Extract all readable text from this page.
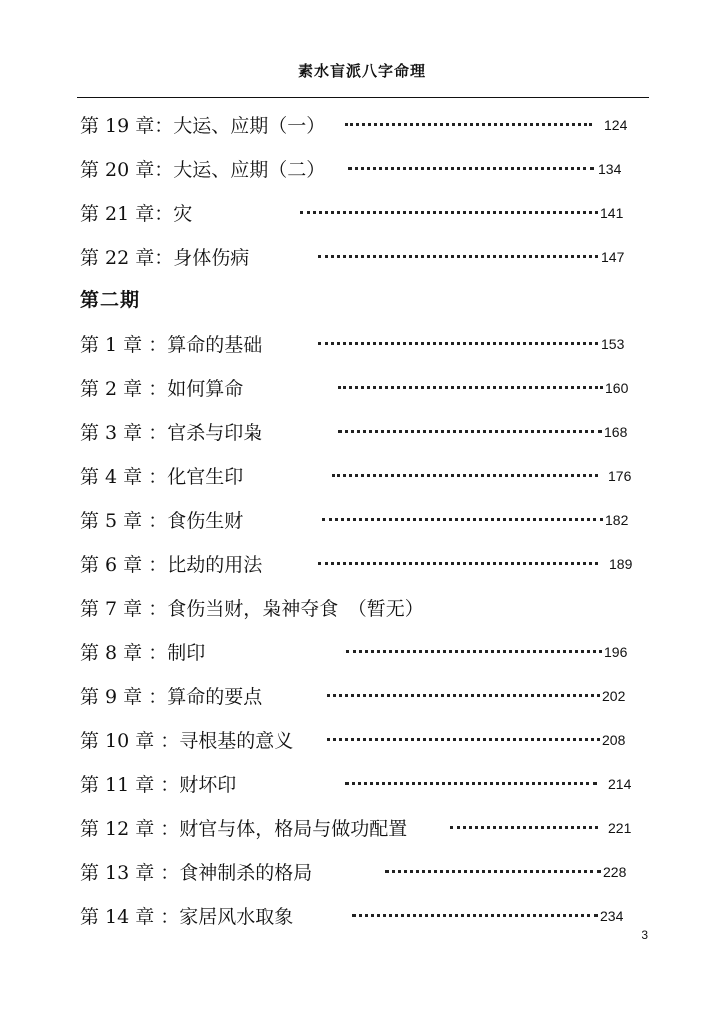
素水盲派八字命理
第二期
第 19 章：大运、应期（一）	124
第 20 章：大运、应期（二）	134
第 21 章：灾	141
第 22 章：身体伤病	147
第 1 章 ：算命的基础	153
第 2 章 ：如何算命	160
第 3 章 ：官杀与印枭	168
第 4 章 ：化官生印	176
第 5 章 ：食伤生财	182
第 6 章 ：比劫的用法	189
第 7 章 ：食伤当财，枭神夺食　（暂无）
第 8 章 ：制印	196
第 9 章 ：算命的要点	202
第 10 章 ：寻根基的意义	208
第 11 章 ：财坏印	214
第 12 章 ：财官与体，格局与做功配置	221
第 13 章 ：食神制杀的格局	228
第 14 章 ：家居风水取象	234
3
